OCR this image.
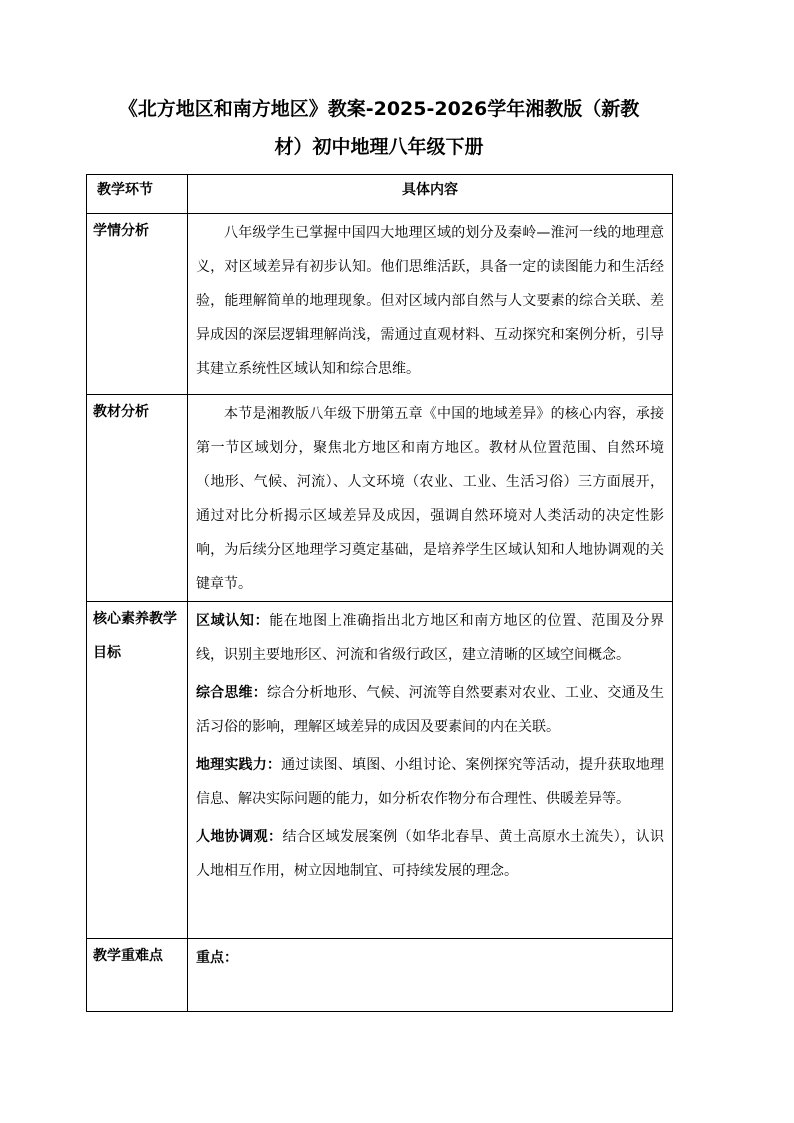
《北方地区和南方地区》教案-2025-2026学年湘教版（新教
材）初中地理八年级下册
教学环节	具体内容

学情分析	八年级学生已掌握中国四大地理区域的划分及秦岭—淮河一线的地理意义，对区域差异有初步认知。他们思维活跃，具备一定的读图能力和生活经验，能理解简单的地理现象。但对区域内部自然与人文要素的综合关联、差异成因的深层逻辑理解尚浅，需通过直观材料、互动探究和案例分析，引导其建立系统性区域认知和综合思维。

教材分析	本节是湘教版八年级下册第五章《中国的地域差异》的核心内容，承接第一节区域划分，聚焦北方地区和南方地区。教材从位置范围、自然环境（地形、气候、河流）、人文环境（农业、工业、生活习俗）三方面展开，通过对比分析揭示区域差异及成因，强调自然环境对人类活动的决定性影响，为后续分区地理学习奠定基础，是培养学生区域认知和人地协调观的关键章节。

核心素养教学目标	区域认知：能在地图上准确指出北方地区和南方地区的位置、范围及分界线，识别主要地形区、河流和省级行政区，建立清晰的区域空间概念。

综合思维：综合分析地形、气候、河流等自然要素对农业、工业、交通及生活习俗的影响，理解区域差异的成因及要素间的内在关联。

地理实践力：通过读图、填图、小组讨论、案例探究等活动，提升获取地理信息、解决实际问题的能力，如分析农作物分布合理性、供暖差异等。

人地协调观：结合区域发展案例（如华北春旱、黄土高原水土流失），认识人地相互作用，树立因地制宜、可持续发展的理念。

教学重难点	重点：
